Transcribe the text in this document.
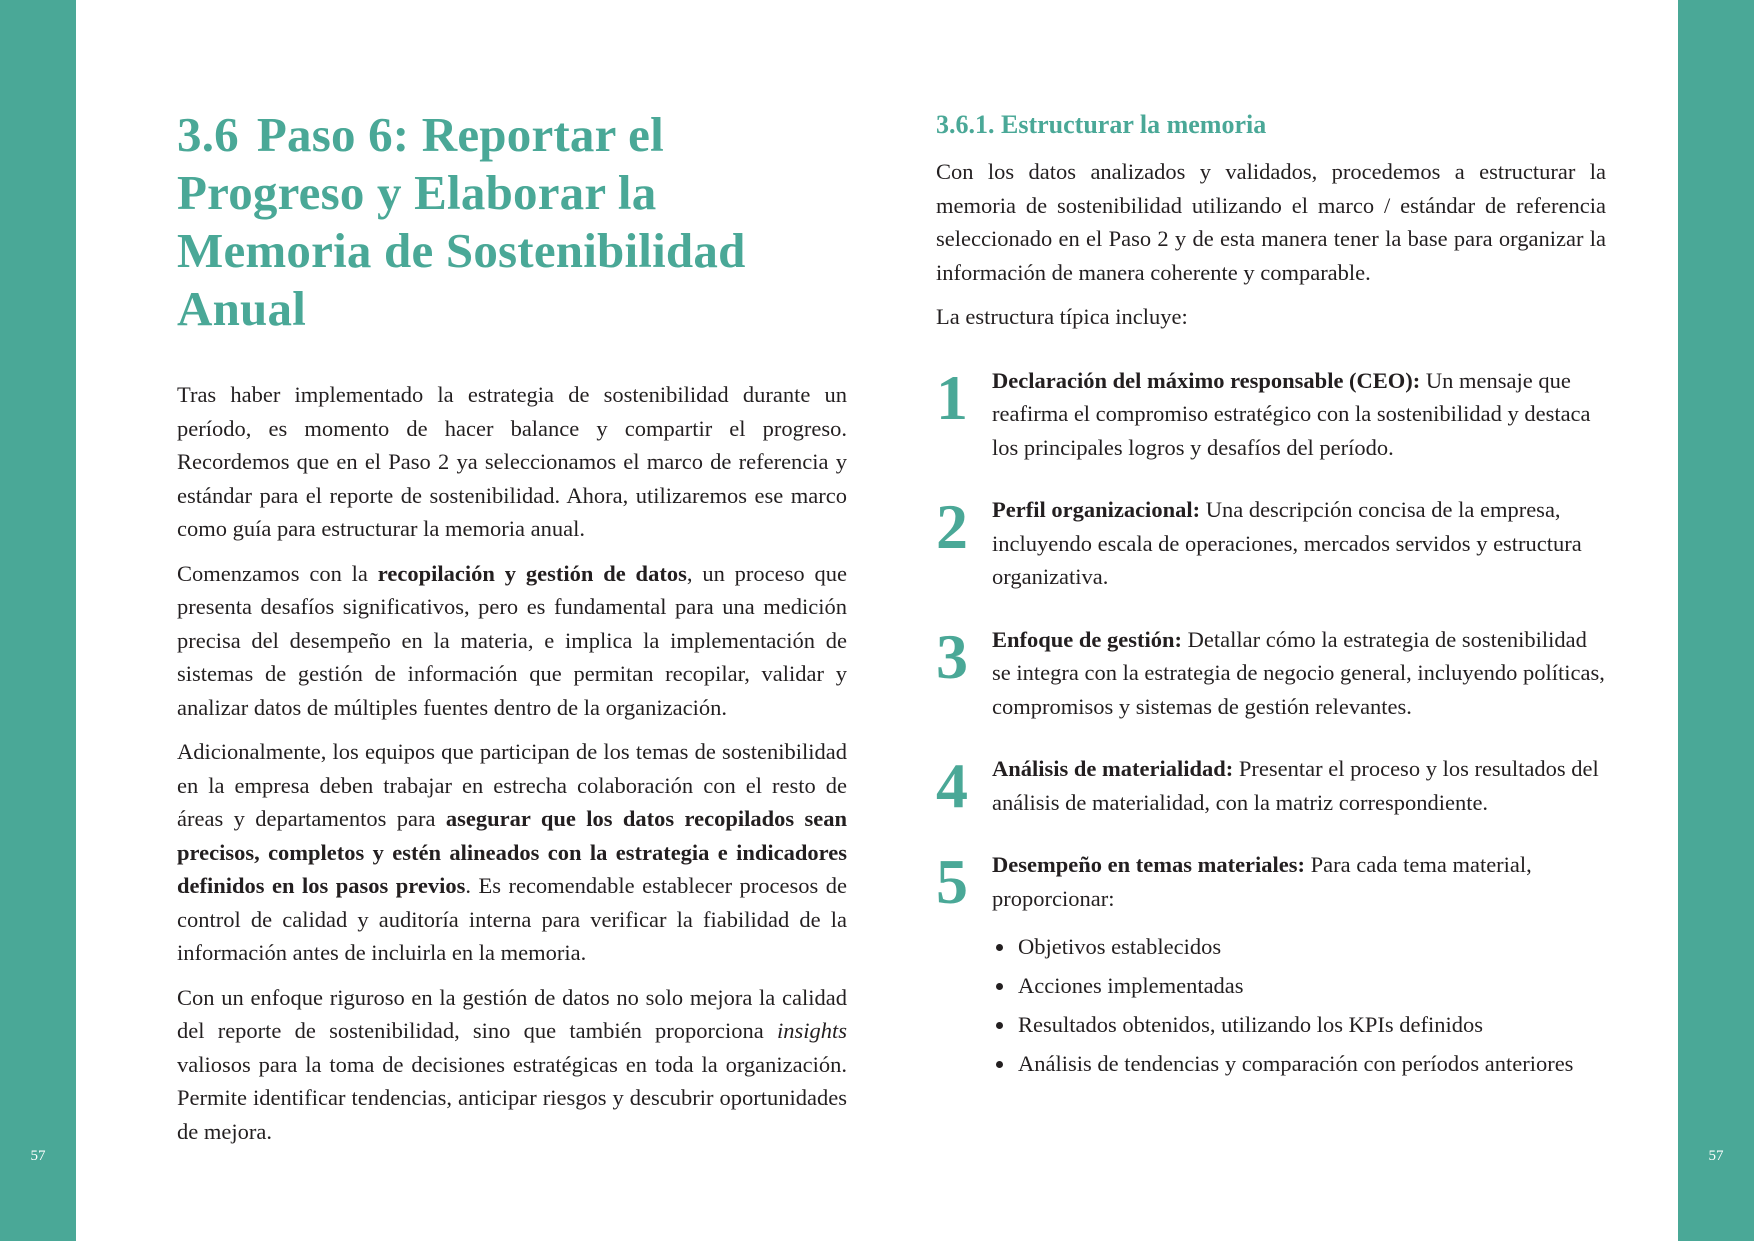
57	57
3.6 Paso 6: Reportar el Progreso y Elaborar la Memoria de Sostenibilidad Anual

Tras haber implementado la estrategia de sostenibilidad durante un período, es momento de hacer balance y compartir el progreso. Recordemos que en el Paso 2 ya seleccionamos el marco de referencia y estándar para el reporte de sostenibilidad. Ahora, utilizaremos ese marco como guía para estructurar la memoria anual.

Comenzamos con la recopilación y gestión de datos, un proceso que presenta desafíos significativos, pero es fundamental para una medición precisa del desempeño en la materia, e implica la implementación de sistemas de gestión de información que permitan recopilar, validar y analizar datos de múltiples fuentes dentro de la organización.

Adicionalmente, los equipos que participan de los temas de sostenibilidad en la empresa deben trabajar en estrecha colaboración con el resto de áreas y departamentos para asegurar que los datos recopilados sean precisos, completos y estén alineados con la estrategia e indicadores definidos en los pasos previos. Es recomendable establecer procesos de control de calidad y auditoría interna para verificar la fiabilidad de la información antes de incluirla en la memoria.

Con un enfoque riguroso en la gestión de datos no solo mejora la calidad del reporte de sostenibilidad, sino que también proporciona insights valiosos para la toma de decisiones estratégicas en toda la organización. Permite identificar tendencias, anticipar riesgos y descubrir oportunidades de mejora.

3.6.1. Estructurar la memoria

Con los datos analizados y validados, procedemos a estructurar la memoria de sostenibilidad utilizando el marco / estándar de referencia seleccionado en el Paso 2 y de esta manera tener la base para organizar la información de manera coherente y comparable.

La estructura típica incluye:

1	Declaración del máximo responsable (CEO): Un mensaje que reafirma el compromiso estratégico con la sostenibilidad y destaca los principales logros y desafíos del período.
2	Perfil organizacional: Una descripción concisa de la empresa, incluyendo escala de operaciones, mercados servidos y estructura organizativa.
3	Enfoque de gestión: Detallar cómo la estrategia de sostenibilidad se integra con la estrategia de negocio general, incluyendo políticas, compromisos y sistemas de gestión relevantes.
4	Análisis de materialidad: Presentar el proceso y los resultados del análisis de materialidad, con la matriz correspondiente.
5	Desempeño en temas materiales: Para cada tema material, proporcionar:
Objetivos establecidos
Acciones implementadas
Resultados obtenidos, utilizando los KPIs definidos
Análisis de tendencias y comparación con períodos anteriores
